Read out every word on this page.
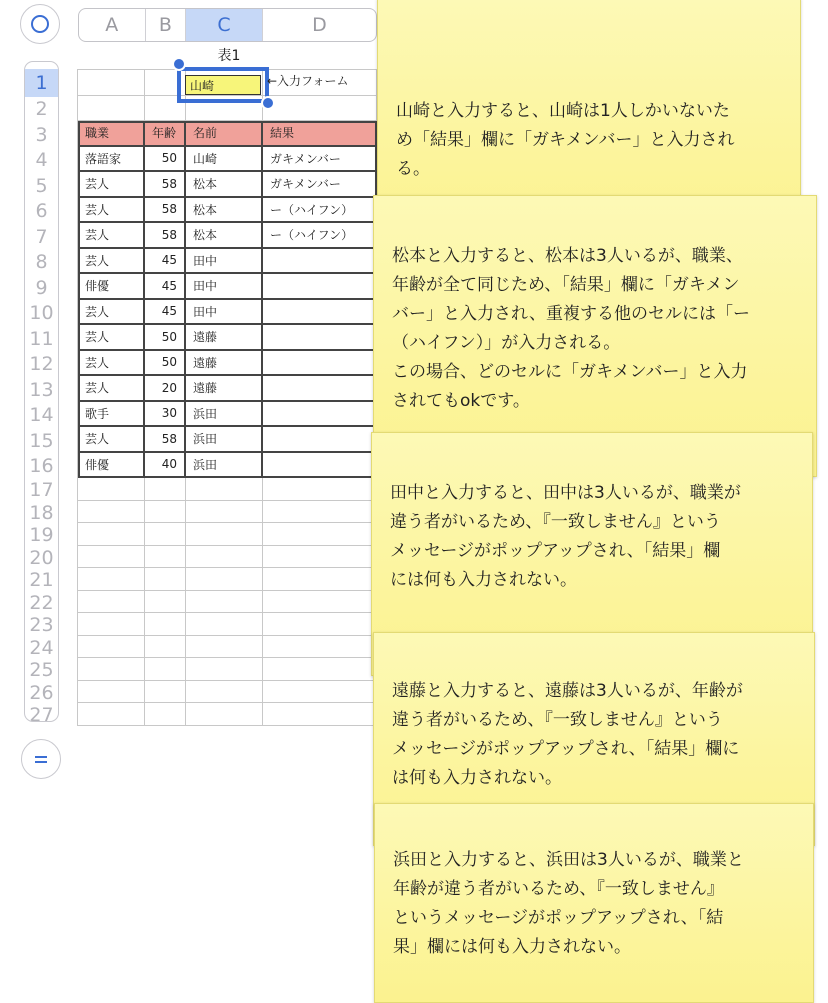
A	B	C	D
1
2
3
4
5
6
7
8
9
10
11
12
13
14
15
16
17
18
19
20
21
22
23
24
25
26
27
表1
職業	年齢	名前	結果
落語家	50	山崎	ガキメンバー
芸人	58	松本	ガキメンバー
芸人	58	松本	ー（ハイフン）
芸人	58	松本	ー（ハイフン）
芸人	45	田中
俳優	45	田中
芸人	45	田中
芸人	50	遠藤
芸人	50	遠藤
芸人	20	遠藤
歌手	30	浜田
芸人	58	浜田
俳優	40	浜田
山崎	←入力フォーム

山崎と入力すると、山崎は1人しかいないた

め「結果」欄に「ガキメンバー」と入力され

る。

松本と入力すると、松本は3人いるが、職業、

年齢が全て同じため、「結果」欄に「ガキメン

バー」と入力され、重複する他のセルには「ー

（ハイフン）」が入力される。

この場合、どのセルに「ガキメンバー」と入力

されてもokです。

田中と入力すると、田中は3人いるが、職業が

違う者がいるため、『一致しません』という

メッセージがポップアップされ、「結果」欄

には何も入力されない。

遠藤と入力すると、遠藤は3人いるが、年齢が

違う者がいるため、『一致しません』という

メッセージがポップアップされ、「結果」欄に

は何も入力されない。

浜田と入力すると、浜田は3人いるが、職業と

年齢が違う者がいるため、『一致しません』

というメッセージがポップアップされ、「結

果」欄には何も入力されない。
